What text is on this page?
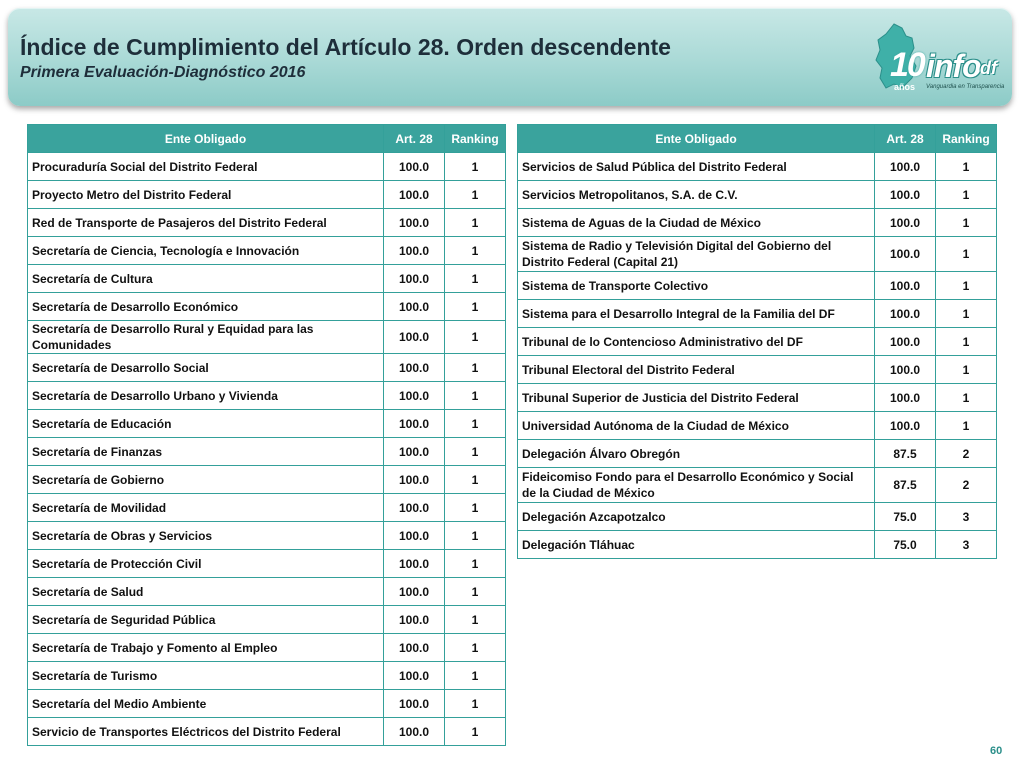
Índice de Cumplimiento del Artículo 28. Orden descendente
Primera Evaluación-Diagnóstico 2016	10 info df
años Vanguardia en Transparencia
Ente Obligado	Art. 28	Ranking
Procuraduría Social del Distrito Federal	100.0	1
Proyecto Metro del Distrito Federal	100.0	1
Red de Transporte de Pasajeros del Distrito Federal	100.0	1
Secretaría de Ciencia, Tecnología e Innovación	100.0	1
Secretaría de Cultura	100.0	1
Secretaría de Desarrollo Económico	100.0	1
Secretaría de Desarrollo Rural y Equidad para las Comunidades	100.0	1
Secretaría de Desarrollo Social	100.0	1
Secretaría de Desarrollo Urbano y Vivienda	100.0	1
Secretaría de Educación	100.0	1
Secretaría de Finanzas	100.0	1
Secretaría de Gobierno	100.0	1
Secretaría de Movilidad	100.0	1
Secretaría de Obras y Servicios	100.0	1
Secretaría de Protección Civil	100.0	1
Secretaría de Salud	100.0	1
Secretaría de Seguridad Pública	100.0	1
Secretaría de Trabajo y Fomento al Empleo	100.0	1
Secretaría de Turismo	100.0	1
Secretaría del Medio Ambiente	100.0	1
Servicio de Transportes Eléctricos del Distrito Federal	100.0	1
Ente Obligado	Art. 28	Ranking
Servicios de Salud Pública del Distrito Federal	100.0	1
Servicios Metropolitanos, S.A. de C.V.	100.0	1
Sistema de Aguas de la Ciudad de México	100.0	1
Sistema de Radio y Televisión Digital del Gobierno del Distrito Federal (Capital 21)	100.0	1
Sistema de Transporte Colectivo	100.0	1
Sistema para el Desarrollo Integral de la Familia del DF	100.0	1
Tribunal de lo Contencioso Administrativo del DF	100.0	1
Tribunal Electoral del Distrito Federal	100.0	1
Tribunal Superior de Justicia del Distrito Federal	100.0	1
Universidad Autónoma de la Ciudad de México	100.0	1
Delegación Álvaro Obregón	87.5	2
Fideicomiso Fondo para el Desarrollo Económico y Social de la Ciudad de México	87.5	2
Delegación Azcapotzalco	75.0	3
Delegación Tláhuac	75.0	3
60
